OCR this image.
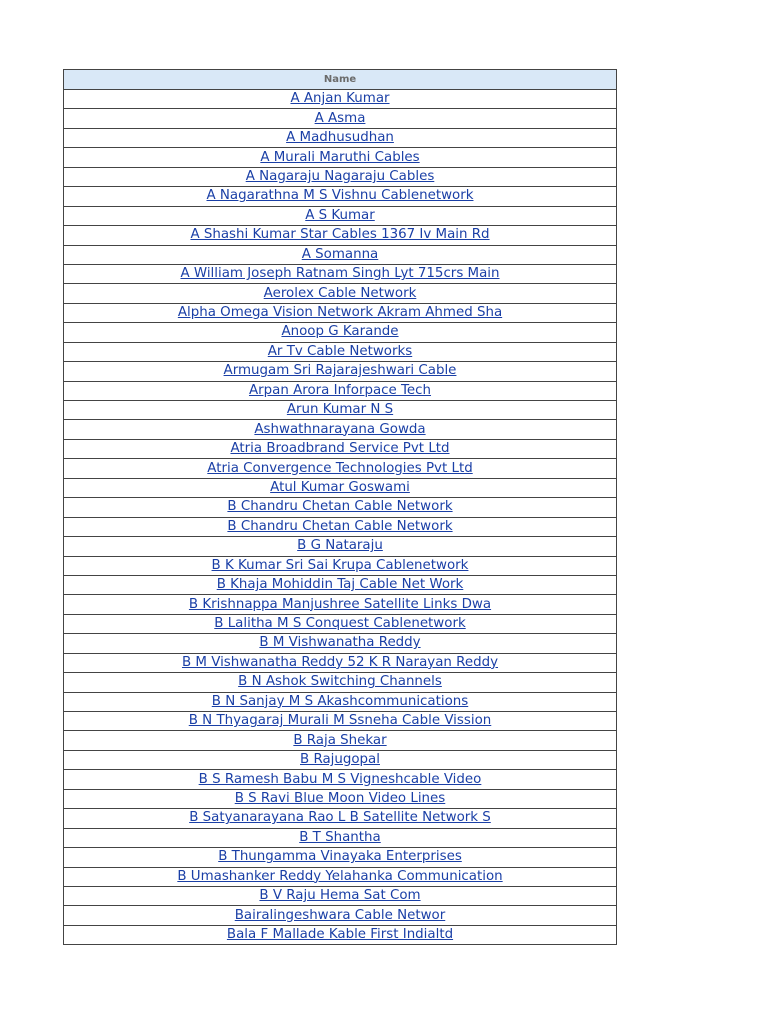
Name
A Anjan Kumar
A Asma
A Madhusudhan
A Murali Maruthi Cables
A Nagaraju Nagaraju Cables
A Nagarathna M S Vishnu Cablenetwork
A S Kumar
A Shashi Kumar Star Cables 1367 Iv Main Rd
A Somanna
A William Joseph Ratnam Singh Lyt 715crs Main
Aerolex Cable Network
Alpha Omega Vision Network Akram Ahmed Sha
Anoop G Karande
Ar Tv Cable Networks
Armugam Sri Rajarajeshwari Cable
Arpan Arora Inforpace Tech
Arun Kumar N S
Ashwathnarayana Gowda
Atria Broadbrand Service Pvt Ltd
Atria Convergence Technologies Pvt Ltd
Atul Kumar Goswami
B Chandru Chetan Cable Network
B Chandru Chetan Cable Network
B G Nataraju
B K Kumar Sri Sai Krupa Cablenetwork
B Khaja Mohiddin Taj Cable Net Work
B Krishnappa Manjushree Satellite Links Dwa
B Lalitha M S Conquest Cablenetwork
B M Vishwanatha Reddy
B M Vishwanatha Reddy 52 K R Narayan Reddy
B N Ashok Switching Channels
B N Sanjay M S Akashcommunications
B N Thyagaraj Murali M Ssneha Cable Vission
B Raja Shekar
B Rajugopal
B S Ramesh Babu M S Vigneshcable Video
B S Ravi Blue Moon Video Lines
B Satyanarayana Rao L B Satellite Network S
B T Shantha
B Thungamma Vinayaka Enterprises
B Umashanker Reddy Yelahanka Communication
B V Raju Hema Sat Com
Bairalingeshwara Cable Networ
Bala F Mallade Kable First Indialtd
